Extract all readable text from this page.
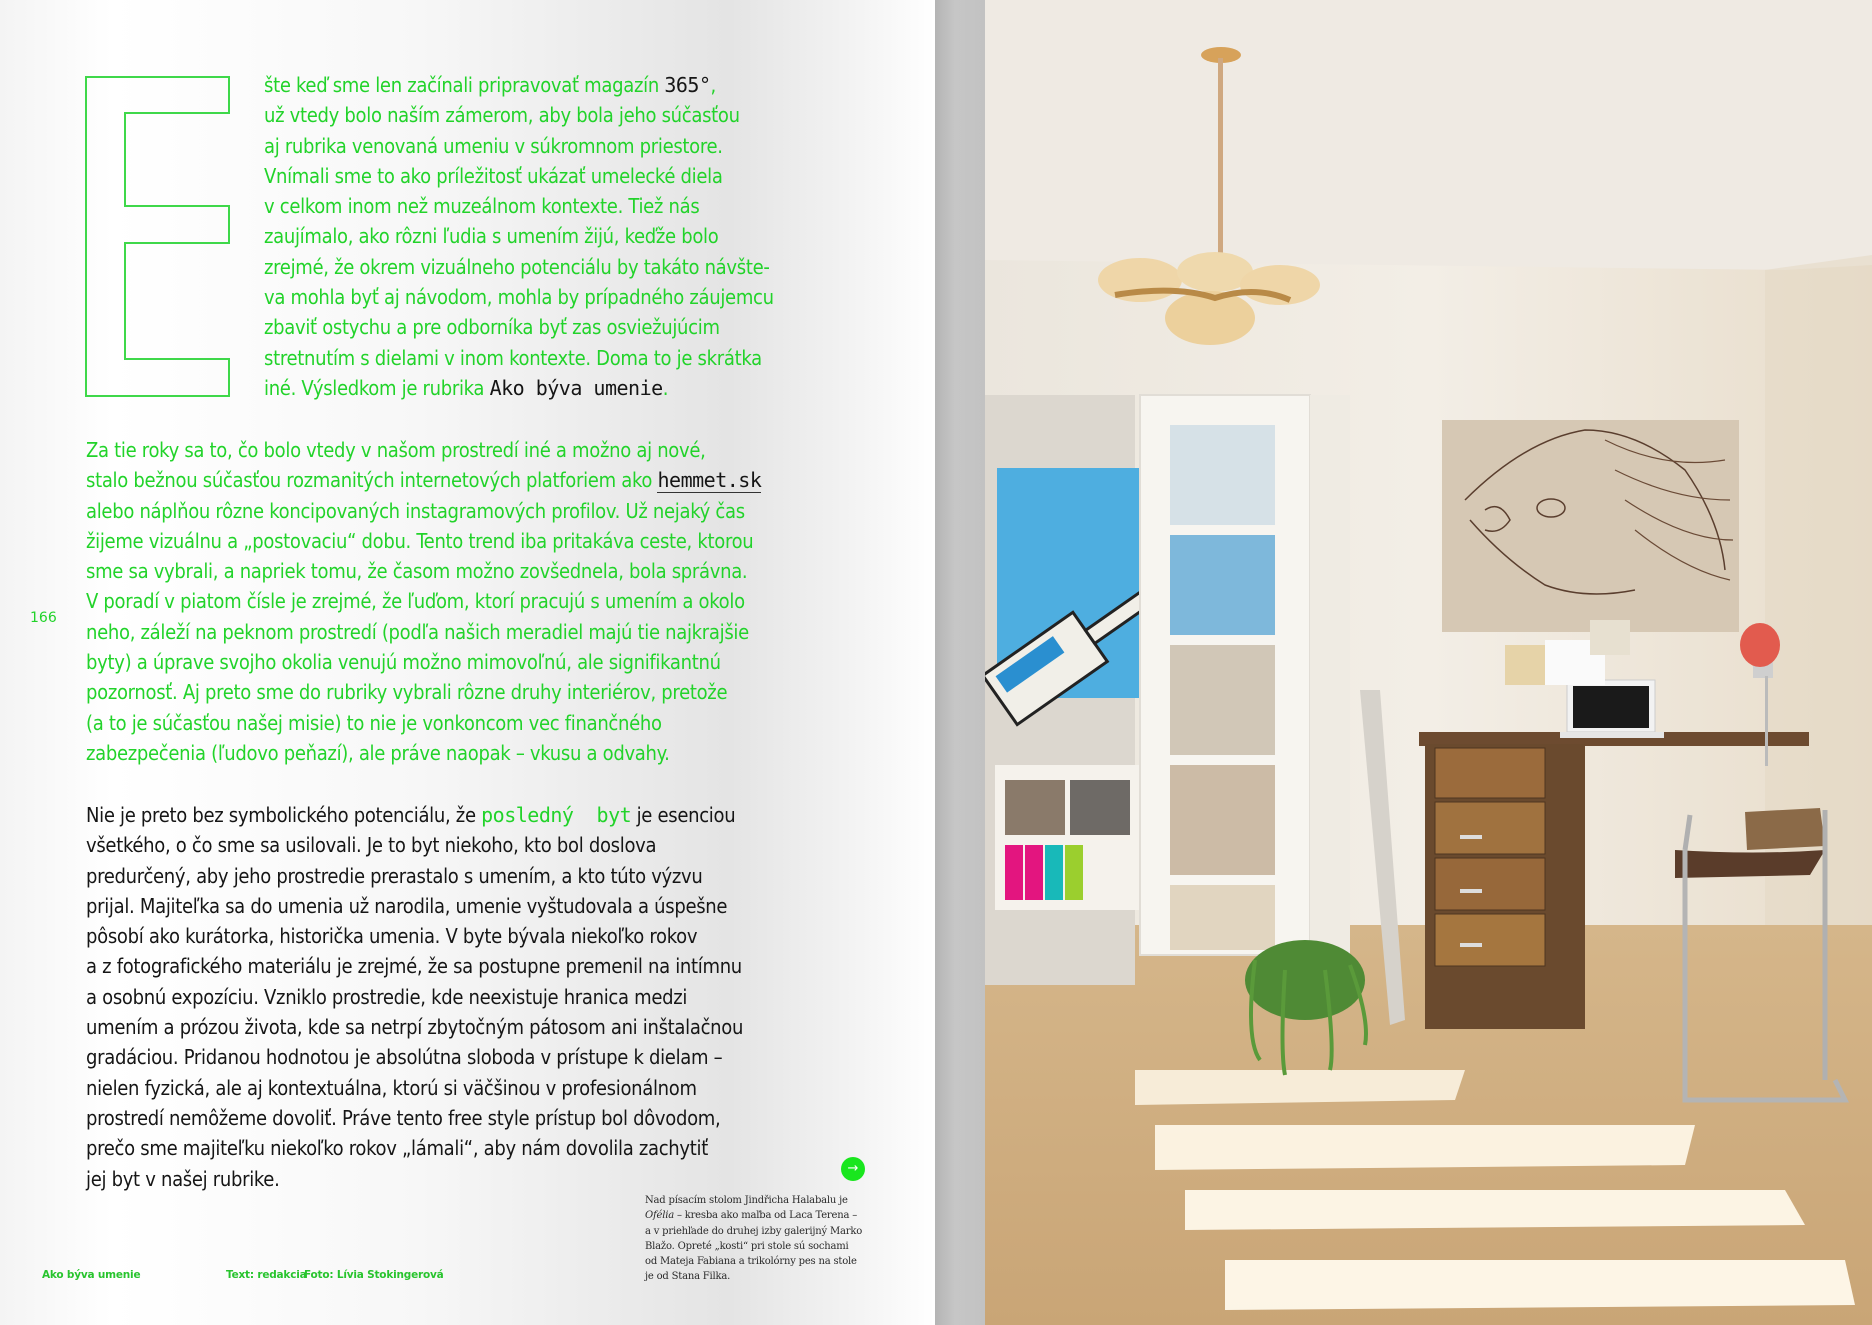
šte keď sme len začínali pripravovať magazín 365°,
už vtedy bolo naším zámerom, aby bola jeho súčasťou
aj rubrika venovaná umeniu v súkromnom priestore.
Vnímali sme to ako príležitosť ukázať umelecké diela
v celkom inom než muzeálnom kontexte. Tiež nás
zaujímalo, ako rôzni ľudia s umením žijú, keďže bolo
zrejmé, že okrem vizuálneho potenciálu by takáto návšte-
va mohla byť aj návodom, mohla by prípadného záujemcu
zbaviť ostychu a pre odborníka byť zas osviežujúcim
stretnutím s dielami v inom kontexte. Doma to je skrátka
iné. Výsledkom je rubrika Ako býva umenie.
Za tie roky sa to, čo bolo vtedy v našom prostredí iné a možno aj nové,
stalo bežnou súčasťou rozmanitých internetových platforiem ako hemmet.sk
alebo náplňou rôzne koncipovaných instagramových profilov. Už nejaký čas
žijeme vizuálnu a „postovaciu“ dobu. Tento trend iba pritakáva ceste, ktorou
sme sa vybrali, a napriek tomu, že časom možno zovšednela, bola správna.
V poradí v piatom čísle je zrejmé, že ľuďom, ktorí pracujú s umením a okolo
neho, záleží na peknom prostredí (podľa našich meradiel majú tie najkrajšie
byty) a úprave svojho okolia venujú možno mimovoľnú, ale signifikantnú
pozornosť. Aj preto sme do rubriky vybrali rôzne druhy interiérov, pretože
(a to je súčasťou našej misie) to nie je vonkoncom vec finančného
zabezpečenia (ľudovo peňazí), ale práve naopak – vkusu a odvahy.
Nie je preto bez symbolického potenciálu, že posledný  byt je esenciou
všetkého, o čo sme sa usilovali. Je to byt niekoho, kto bol doslova
predurčený, aby jeho prostredie prerastalo s umením, a kto túto výzvu
prijal. Majiteľka sa do umenia už narodila, umenie vyštudovala a úspešne
pôsobí ako kurátorka, historička umenia. V byte bývala niekoľko rokov
a z fotografického materiálu je zrejmé, že sa postupne premenil na intímnu
a osobnú expozíciu. Vzniklo prostredie, kde neexistuje hranica medzi
umením a prózou života, kde sa netrpí zbytočným pátosom ani inštalačnou
gradáciou. Pridanou hodnotou je absolútna sloboda v prístupe k dielam –
nielen fyzická, ale aj kontextuálna, ktorú si väčšinou v profesionálnom
prostredí nemôžeme dovoliť. Práve tento free style prístup bol dôvodom,
prečo sme majiteľku niekoľko rokov „lámali“, aby nám dovolila zachytiť
jej byt v našej rubrike.
166
→
Nad písacím stolom Jindřicha Halabalu je
Ofélia – kresba ako maľba od Laca Terena –
a v priehľade do druhej izby galerijný Marko
Blažo. Opreté „kosti“ pri stole sú sochami
od Mateja Fabiana a trikolórny pes na stole
je od Stana Filka.
Ako býva umenie	Text: redakcia
Foto: Lívia Stokingerová
